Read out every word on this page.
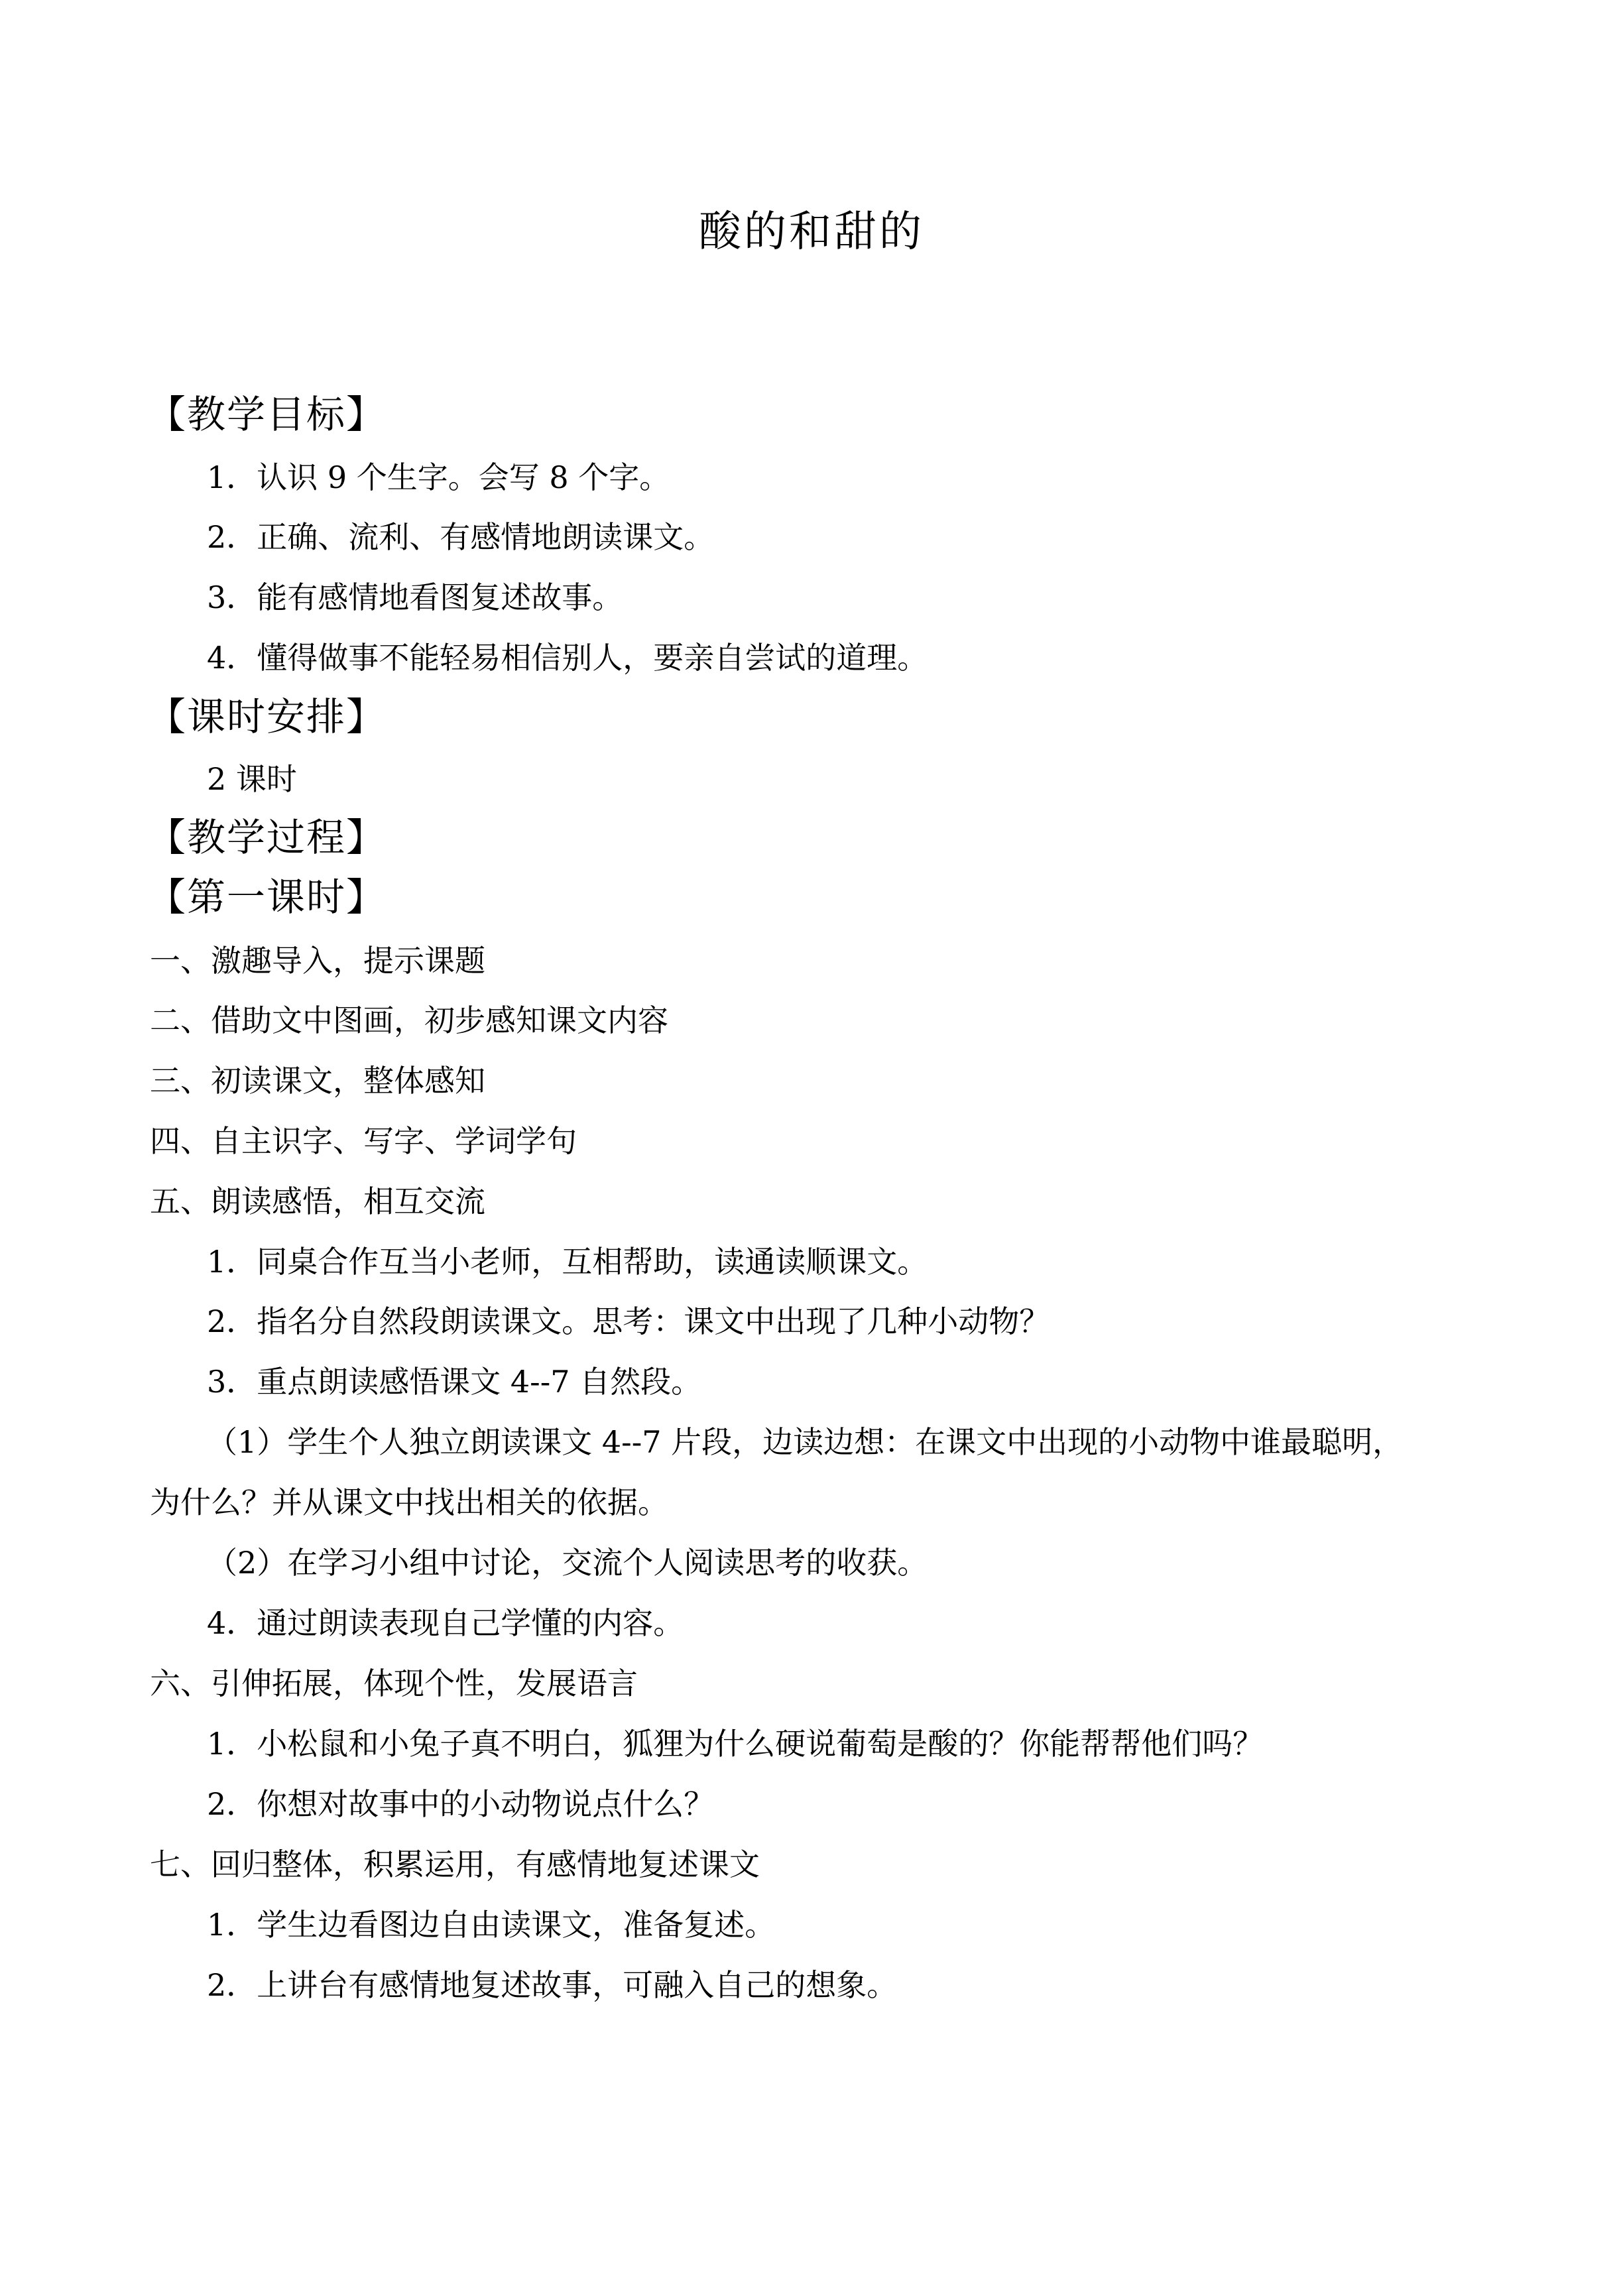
酸的和甜的
【教学目标】
1．认识 9 个生字。会写 8 个字。
2．正确、流利、有感情地朗读课文。
3．能有感情地看图复述故事。
4．懂得做事不能轻易相信别人，要亲自尝试的道理。
【课时安排】
2 课时
【教学过程】
【第一课时】
一、激趣导入，提示课题
二、借助文中图画，初步感知课文内容
三、初读课文，整体感知
四、自主识字、写字、学词学句
五、朗读感悟，相互交流
1．同桌合作互当小老师，互相帮助，读通读顺课文。
2．指名分自然段朗读课文。思考：课文中出现了几种小动物？
3．重点朗读感悟课文 4--7 自然段。
（1）学生个人独立朗读课文 4--7 片段，边读边想：在课文中出现的小动物中谁最聪明，
为什么？并从课文中找出相关的依据。
（2）在学习小组中讨论，交流个人阅读思考的收获。
4．通过朗读表现自己学懂的内容。
六、引伸拓展，体现个性，发展语言
1．小松鼠和小兔子真不明白，狐狸为什么硬说葡萄是酸的？你能帮帮他们吗？
2．你想对故事中的小动物说点什么？
七、回归整体，积累运用，有感情地复述课文
1．学生边看图边自由读课文，准备复述。
2．上讲台有感情地复述故事，可融入自己的想象。
